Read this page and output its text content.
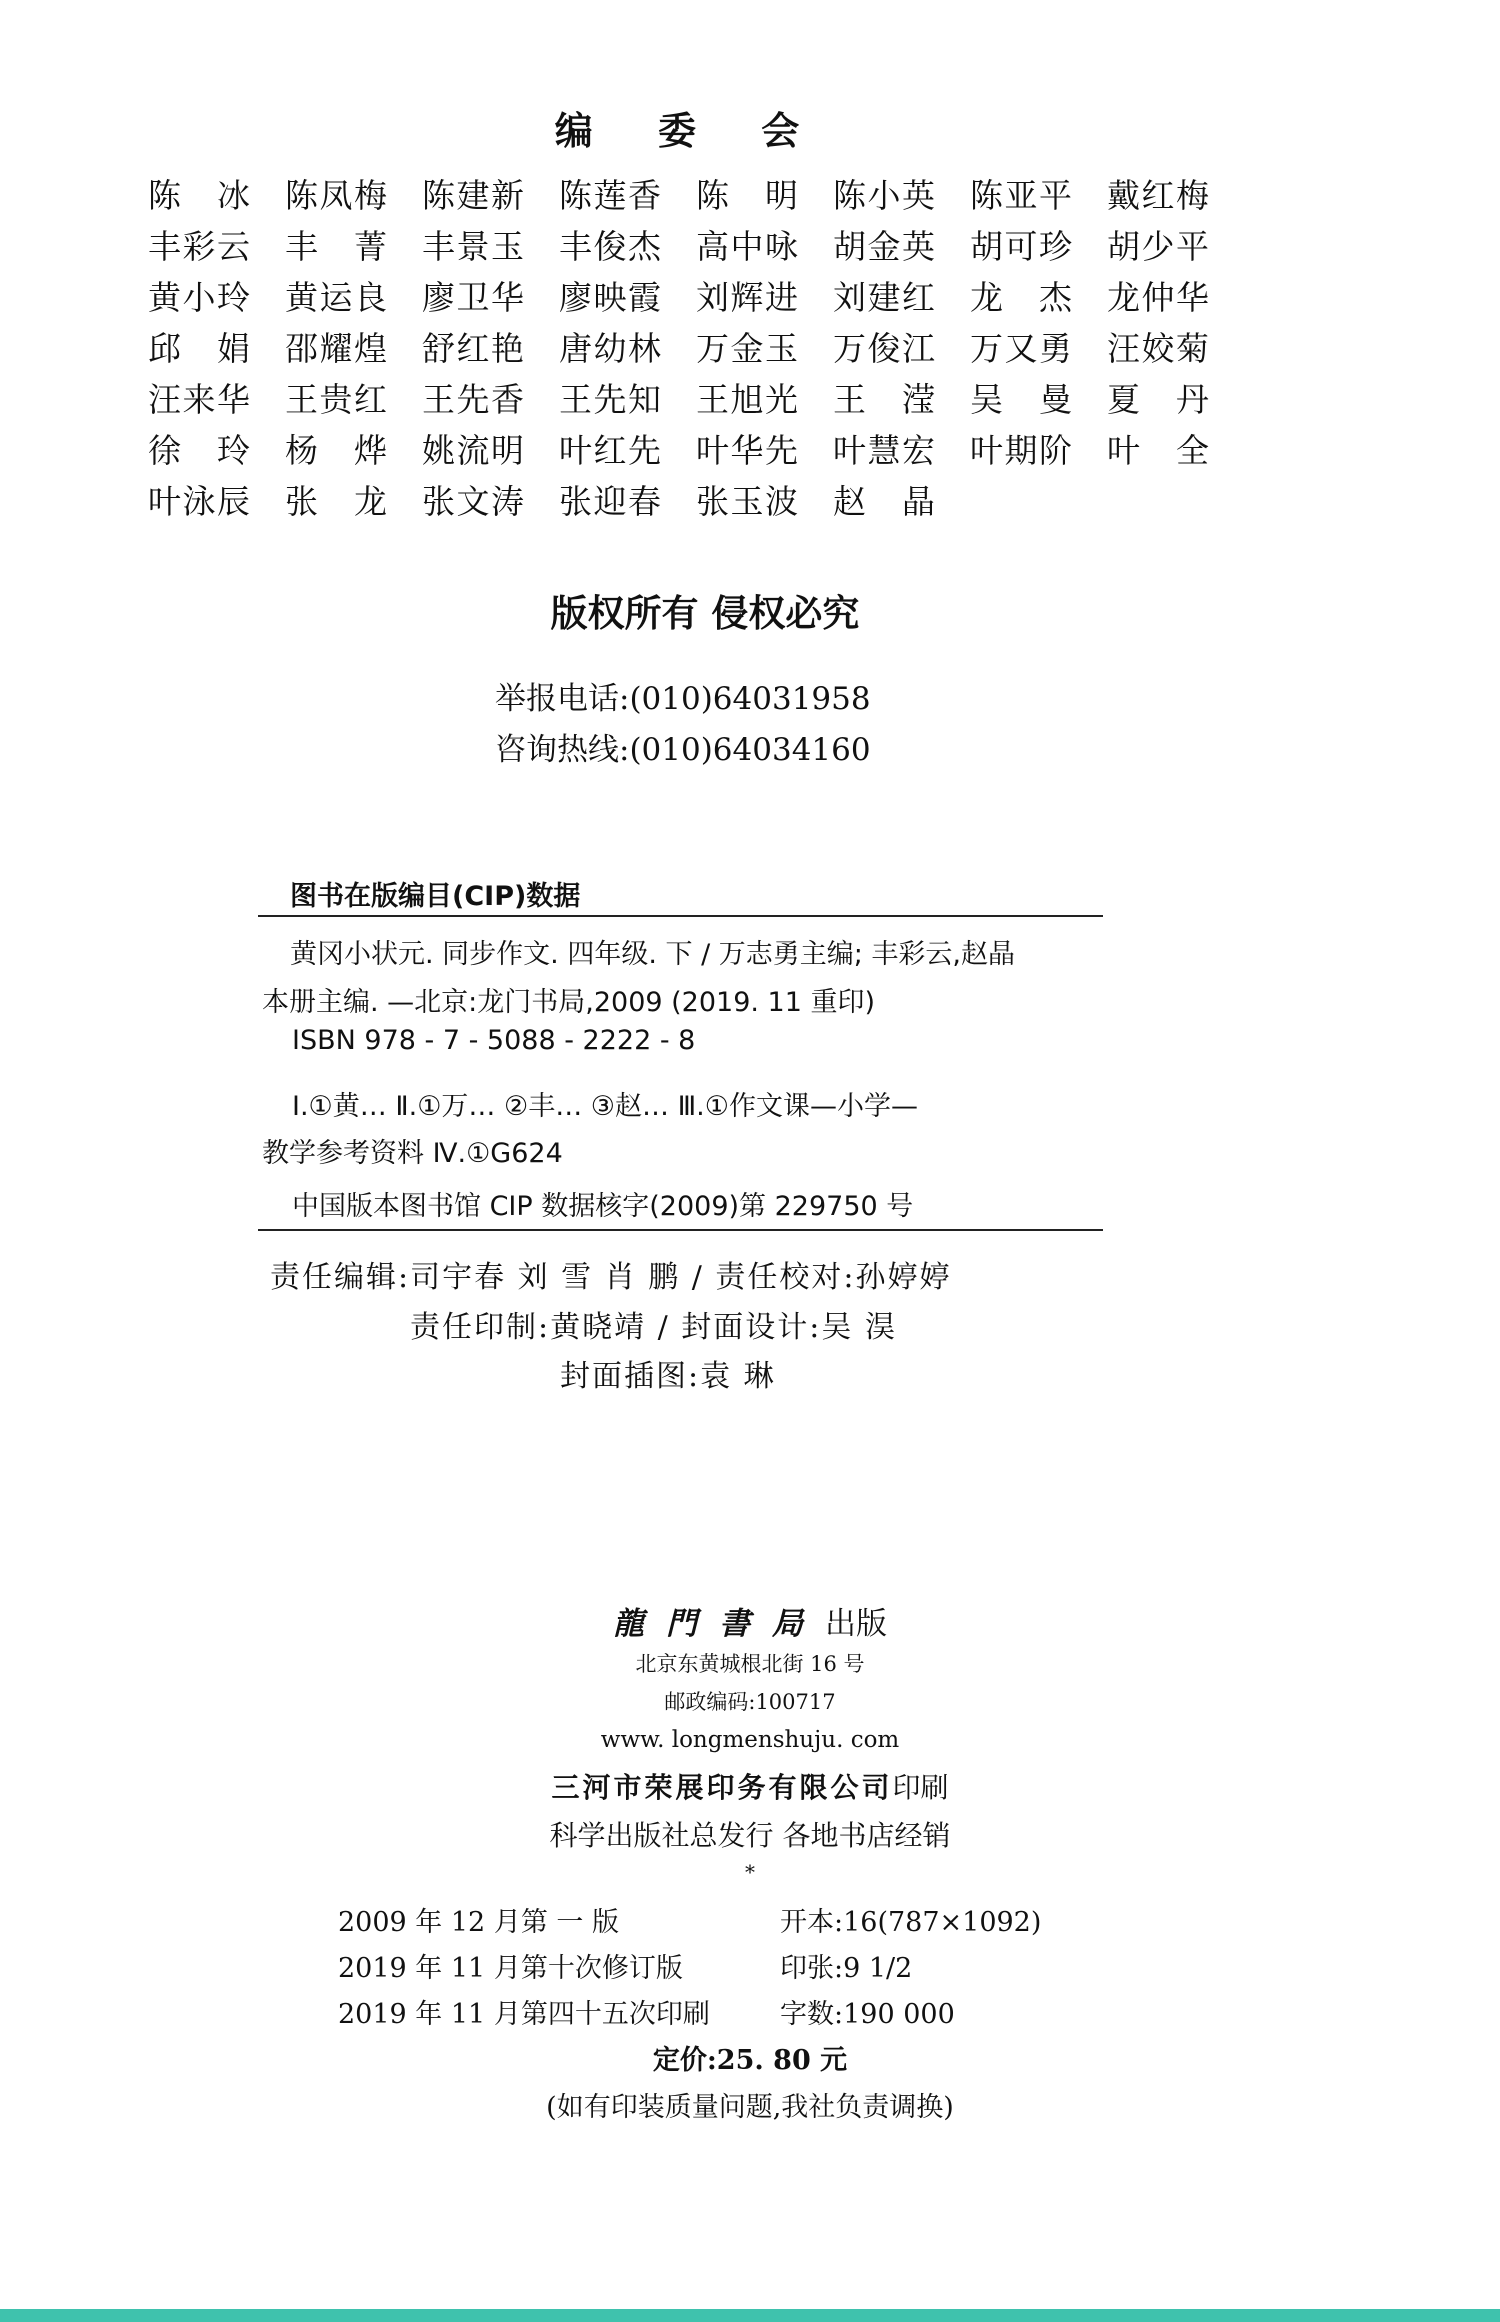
编 委 会
陈 冰 陈凤梅 陈建新 陈莲香 陈 明 陈小英 陈亚平 戴红梅
丰彩云 丰 菁 丰景玉 丰俊杰 高中咏 胡金英 胡可珍 胡少平
黄小玲 黄运良 廖卫华 廖映霞 刘辉进 刘建红 龙 杰 龙仲华
邱 娟 邵耀煌 舒红艳 唐幼林 万金玉 万俊江 万又勇 汪姣菊
汪来华 王贵红 王先香 王先知 王旭光 王 滢 吴 曼 夏 丹
徐 玲 杨 烨 姚流明 叶红先 叶华先 叶慧宏 叶期阶 叶 全
叶泳辰 张 龙 张文涛 张迎春 张玉波 赵 晶
版权所有 侵权必究
举报电话:(010)64031958
咨询热线:(010)64034160
图书在版编目(CIP)数据
黄冈小状元. 同步作文. 四年级. 下 / 万志勇主编; 丰彩云,赵晶
本册主编. —北京:龙门书局,2009 (2019. 11 重印)
ISBN 978 - 7 - 5088 - 2222 - 8
Ⅰ.①黄… Ⅱ.①万… ②丰… ③赵… Ⅲ.①作文课—小学—
教学参考资料 Ⅳ.①G624
中国版本图书馆 CIP 数据核字(2009)第 229750 号
责任编辑:司宇春 刘 雪 肖 鹏 / 责任校对:孙婷婷
责任印制:黄晓靖 / 封面设计:吴 淏
封面插图:袁 琳
龍門書局出版
北京东黄城根北街 16 号
邮政编码:100717
www. longmenshuju. com
三河市荣展印务有限公司印刷
科学出版社总发行 各地书店经销
*
2009 年 12 月第 一 版	开本:16(787×1092)
2019 年 11 月第十次修订版	印张:9 1/2
2019 年 11 月第四十五次印刷	字数:190 000
定价:25. 80 元
(如有印装质量问题,我社负责调换)
